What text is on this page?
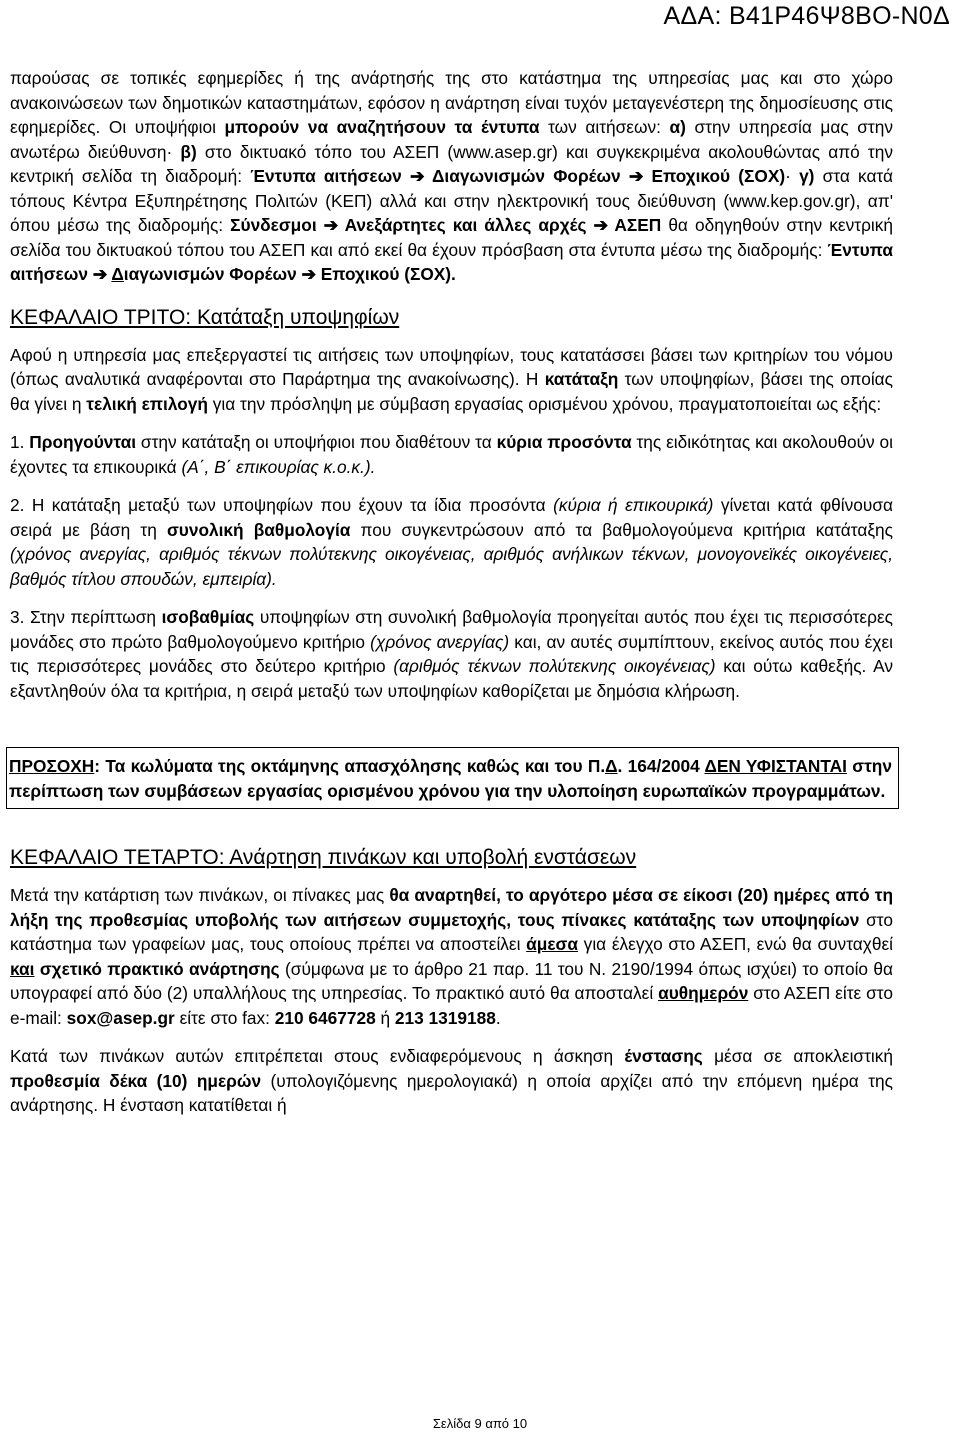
ΑΔΑ: Β41Ρ46Ψ8ΒΟ-Ν0Δ

παρούσας σε τοπικές εφημερίδες ή της ανάρτησής της στο κατάστημα της υπηρεσίας μας και στο χώρο ανακοινώσεων των δημοτικών καταστημάτων, εφόσον η ανάρτηση είναι τυχόν μεταγενέστερη της δημοσίευσης στις εφημερίδες. Οι υποψήφιοι μπορούν να αναζητήσουν τα έντυπα των αιτήσεων: α) στην υπηρεσία μας στην ανωτέρω διεύθυνση· β) στο δικτυακό τόπο του ΑΣΕΠ (www.asep.gr) και συγκεκριμένα ακολουθώντας από την κεντρική σελίδα τη διαδρομή: Έντυπα αιτήσεων ➔ Διαγωνισμών Φορέων ➔ Εποχικού (ΣΟΧ)· γ) στα κατά τόπους Κέντρα Εξυπηρέτησης Πολιτών (ΚΕΠ) αλλά και στην ηλεκτρονική τους διεύθυνση (www.kep.gov.gr), απ' όπου μέσω της διαδρομής: Σύνδεσμοι ➔ Ανεξάρτητες και άλλες αρχές ➔ ΑΣΕΠ θα οδηγηθούν στην κεντρική σελίδα του δικτυακού τόπου του ΑΣΕΠ και από εκεί θα έχουν πρόσβαση στα έντυπα μέσω της διαδρομής: Έντυπα αιτήσεων ➔ Διαγωνισμών Φορέων ➔ Εποχικού (ΣΟΧ).

ΚΕΦΑΛΑΙΟ ΤΡΙΤΟ: Κατάταξη υποψηφίων

Αφού η υπηρεσία μας επεξεργαστεί τις αιτήσεις των υποψηφίων, τους κατατάσσει βάσει των κριτηρίων του νόμου (όπως αναλυτικά αναφέρονται στο Παράρτημα της ανακοίνωσης). Η κατάταξη των υποψηφίων, βάσει της οποίας θα γίνει η τελική επιλογή για την πρόσληψη με σύμβαση εργασίας ορισμένου χρόνου, πραγματοποιείται ως εξής:

1. Προηγούνται στην κατάταξη οι υποψήφιοι που διαθέτουν τα κύρια προσόντα της ειδικότητας και ακολουθούν οι έχοντες τα επικουρικά (Α΄, Β΄ επικουρίας κ.ο.κ.).

2. Η κατάταξη μεταξύ των υποψηφίων που έχουν τα ίδια προσόντα (κύρια ή επικουρικά) γίνεται κατά φθίνουσα σειρά με βάση τη συνολική βαθμολογία που συγκεντρώσουν από τα βαθμολογούμενα κριτήρια κατάταξης (χρόνος ανεργίας, αριθμός τέκνων πολύτεκνης οικογένειας, αριθμός ανήλικων τέκνων, μονογονεϊκές οικογένειες, βαθμός τίτλου σπουδών, εμπειρία).

3. Στην περίπτωση ισοβαθμίας υποψηφίων στη συνολική βαθμολογία προηγείται αυτός που έχει τις περισσότερες μονάδες στο πρώτο βαθμολογούμενο κριτήριο (χρόνος ανεργίας) και, αν αυτές συμπίπτουν, εκείνος αυτός που έχει τις περισσότερες μονάδες στο δεύτερο κριτήριο (αριθμός τέκνων πολύτεκνης οικογένειας) και ούτω καθεξής. Αν εξαντληθούν όλα τα κριτήρια, η σειρά μεταξύ των υποψηφίων καθορίζεται με δημόσια κλήρωση.

ΠΡΟΣΟΧΗ: Τα κωλύματα της οκτάμηνης απασχόλησης καθώς και του Π.Δ. 164/2004 ΔΕΝ ΥΦΙΣΤΑΝΤΑΙ στην περίπτωση των συμβάσεων εργασίας ορισμένου χρόνου για την υλοποίηση ευρωπαϊκών προγραμμάτων.

ΚΕΦΑΛΑΙΟ ΤΕΤΑΡΤΟ: Ανάρτηση πινάκων και υποβολή ενστάσεων

Μετά την κατάρτιση των πινάκων, οι πίνακες μας θα αναρτηθεί, το αργότερο μέσα σε είκοσι (20) ημέρες από τη λήξη της προθεσμίας υποβολής των αιτήσεων συμμετοχής, τους πίνακες κατάταξης των υποψηφίων στο κατάστημα των γραφείων μας, τους οποίους πρέπει να αποστείλει άμεσα για έλεγχο στο ΑΣΕΠ, ενώ θα συνταχθεί και σχετικό πρακτικό ανάρτησης (σύμφωνα με το άρθρο 21 παρ. 11 του Ν. 2190/1994 όπως ισχύει) το οποίο θα υπογραφεί από δύο (2) υπαλλήλους της υπηρεσίας. Το πρακτικό αυτό θα αποσταλεί αυθημερόν στο ΑΣΕΠ είτε στο e-mail: sox@asep.gr είτε στο fax: 210 6467728 ή 213 1319188.

Κατά των πινάκων αυτών επιτρέπεται στους ενδιαφερόμενους η άσκηση ένστασης μέσα σε αποκλειστική προθεσμία δέκα (10) ημερών (υπολογιζόμενης ημερολογιακά) η οποία αρχίζει από την επόμενη ημέρα της ανάρτησης. Η ένσταση κατατίθεται ή

Σελίδα 9 από 10
